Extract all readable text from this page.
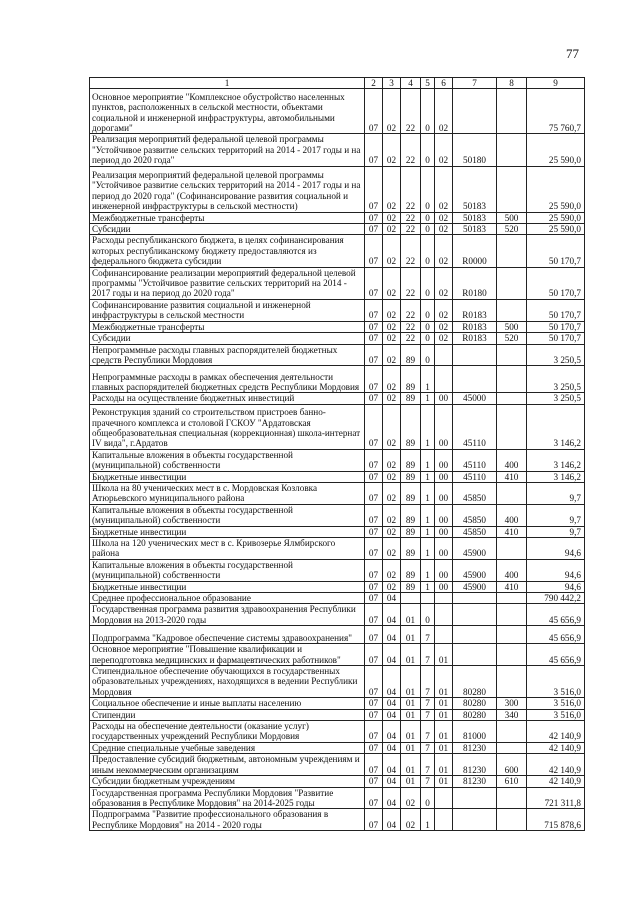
77
1	2	3	4	5	6	7	8	9
Основное мероприятие "Комплексное обустройство населенных пунктов, расположенных в сельской местности, объектами социальной и инженерной инфраструктуры, автомобильными дорогами"	07	02	22	0	02			75 760,7
Реализация мероприятий федеральной целевой программы "Устойчивое развитие сельских территорий на 2014 - 2017 годы и на период до 2020 года"	07	02	22	0	02	50180		25 590,0
Реализация мероприятий федеральной целевой программы "Устойчивое развитие сельских территорий на 2014 - 2017 годы и на период до 2020 года" (Софинансирование развития социальной и инженерной инфраструктуры в сельской местности)	07	02	22	0	02	50183		25 590,0
Межбюджетные трансферты	07	02	22	0	02	50183	500	25 590,0
Субсидии	07	02	22	0	02	50183	520	25 590,0
Расходы республиканского бюджета, в целях софинансирования которых республиканскому бюджету предоставляются из федерального бюджета субсидии	07	02	22	0	02	R0000		50 170,7
Софинансирование реализации мероприятий федеральной целевой программы "Устойчивое развитие сельских территорий на 2014 - 2017 годы и на период до 2020 года"	07	02	22	0	02	R0180		50 170,7
Софинансирование развития социальной и инженерной инфраструктуры в сельской местности	07	02	22	0	02	R0183		50 170,7
Межбюджетные трансферты	07	02	22	0	02	R0183	500	50 170,7
Субсидии	07	02	22	0	02	R0183	520	50 170,7
Непрограммные расходы главных распорядителей бюджетных средств Республики Мордовия	07	02	89	0				3 250,5
Непрограммные расходы в рамках обеспечения деятельности главных распорядителей бюджетных средств Республики Мордовия	07	02	89	1				3 250,5
Расходы на осуществление бюджетных инвестиций	07	02	89	1	00	45000		3 250,5
Реконструкция зданий со строительством пристроев банно-прачечного комплекса и столовой ГСКОУ "Ардатовская общеобразовательная специальная (коррекционная) школа-интернат IV вида", г.Ардатов	07	02	89	1	00	45110		3 146,2
Капитальные вложения в объекты государственной (муниципальной) собственности	07	02	89	1	00	45110	400	3 146,2
Бюджетные инвестиции	07	02	89	1	00	45110	410	3 146,2
Школа на 80 ученических мест в с. Мордовская Козловка Атюрьевского муниципального района	07	02	89	1	00	45850		9,7
Капитальные вложения в объекты государственной (муниципальной) собственности	07	02	89	1	00	45850	400	9,7
Бюджетные инвестиции	07	02	89	1	00	45850	410	9,7
Школа на 120 ученических мест в с. Кривозерье Ялмбирского района	07	02	89	1	00	45900		94,6
Капитальные вложения в объекты государственной (муниципальной) собственности	07	02	89	1	00	45900	400	94,6
Бюджетные инвестиции	07	02	89	1	00	45900	410	94,6
Среднее профессиональное образование	07	04						790 442,2
Государственная программа развития здравоохранения Республики Мордовия на 2013-2020 годы	07	04	01	0				45 656,9
Подпрограмма "Кадровое обеспечение системы здравоохранения"	07	04	01	7				45 656,9
Основное мероприятие "Повышение квалификации и переподготовка медицинских и фармацевтических работников"	07	04	01	7	01			45 656,9
Стипендиальное обеспечение обучающихся в государственных образовательных учреждениях, находящихся в ведении Республики Мордовия	07	04	01	7	01	80280		3 516,0
Социальное обеспечение и иные выплаты населению	07	04	01	7	01	80280	300	3 516,0
Стипендии	07	04	01	7	01	80280	340	3 516,0
Расходы на обеспечение деятельности (оказание услуг) государственных учреждений Республики Мордовия	07	04	01	7	01	81000		42 140,9
Средние специальные учебные заведения	07	04	01	7	01	81230		42 140,9
Предоставление субсидий бюджетным, автономным учреждениям и иным некоммерческим организациям	07	04	01	7	01	81230	600	42 140,9
Субсидии бюджетным учреждениям	07	04	01	7	01	81230	610	42 140,9
Государственная программа Республики Мордовия "Развитие образования в Республике Мордовия" на 2014-2025 годы	07	04	02	0				721 311,8
Подпрограмма "Развитие профессионального образования в Республике Мордовия" на 2014 - 2020 годы	07	04	02	1				715 878,6
